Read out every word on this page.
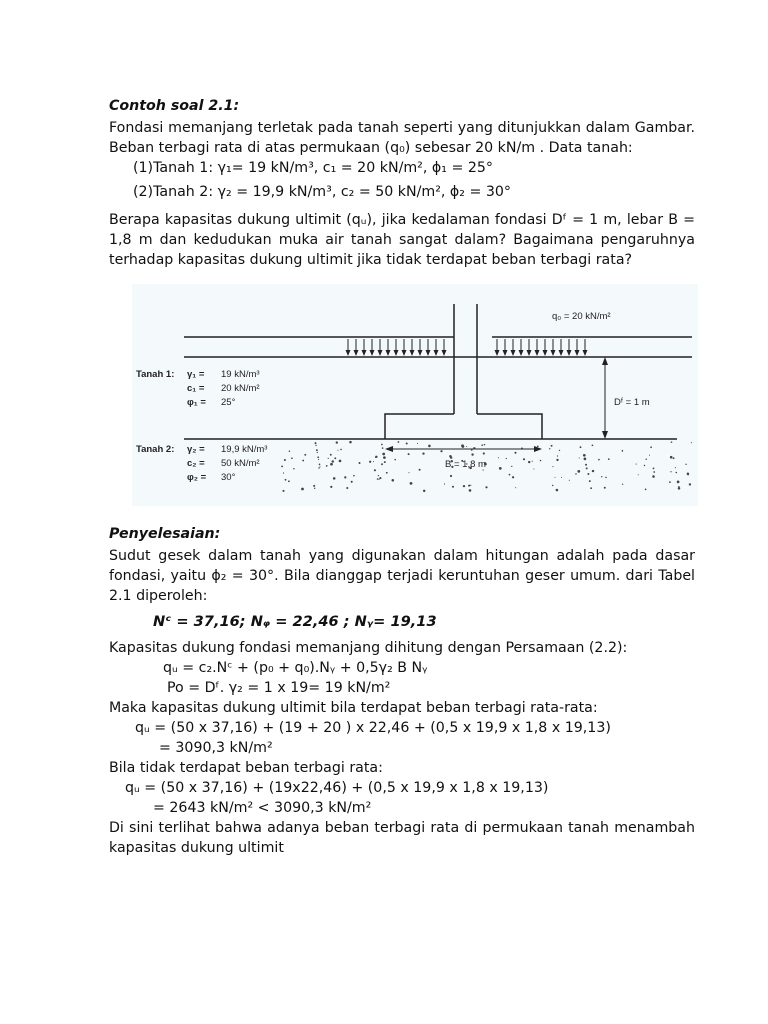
Contoh soal 2.1:
Fondasi memanjang terletak pada tanah seperti yang ditunjukkan dalam Gambar. Beban terbagi rata di atas permukaan (q₀) sebesar 20 kN/m . Data tanah:
(1)Tanah 1: γ₁= 19 kN/m³, c₁ = 20 kN/m², ϕ₁ = 25°
(2)Tanah 2: γ₂ = 19,9 kN/m³, c₂ = 50 kN/m², ϕ₂ = 30°
Berapa kapasitas dukung ultimit (qᵤ), jika kedalaman fondasi Dᶠ = 1 m, lebar B = 1,8 m dan kedudukan muka air tanah sangat dalam? Bagaimana pengaruhnya terhadap kapasitas dukung ultimit jika tidak terdapat beban terbagi rata?
q₀ = 20 kN/m²
Dᶠ = 1 m
B = 1,8 m
Tanah 1: γ₁ = 19 kN/m³
c₁ = 20 kN/m²
φ₁ = 25°
Tanah 2: γ₂ = 19,9 kN/m³
c₂ = 50 kN/m²
φ₂ = 30°
Penyelesaian:
Sudut gesek dalam tanah yang digunakan dalam hitungan adalah pada dasar fondasi, yaitu ϕ₂ = 30°. Bila dianggap terjadi keruntuhan geser umum. dari Tabel 2.1 diperoleh:
Nᶜ = 37,16; Nᵩ = 22,46 ; Nᵧ= 19,13
Kapasitas dukung fondasi memanjang dihitung dengan Persamaan (2.2):
qᵤ = c₂.Nᶜ + (p₀ + q₀).Nᵧ + 0,5γ₂ B Nᵧ
Po = Dᶠ. γ₂ = 1 x 19= 19 kN/m²
Maka kapasitas dukung ultimit bila terdapat beban terbagi rata-rata:
qᵤ = (50 x 37,16) + (19 + 20 ) x 22,46 + (0,5 x 19,9 x 1,8 x 19,13)
= 3090,3 kN/m²
Bila tidak terdapat beban terbagi rata:
qᵤ = (50 x 37,16) + (19x22,46) + (0,5 x 19,9 x 1,8 x 19,13)
= 2643 kN/m² < 3090,3 kN/m²
Di sini terlihat bahwa adanya beban terbagi rata di permukaan tanah menambah kapasitas dukung ultimit
